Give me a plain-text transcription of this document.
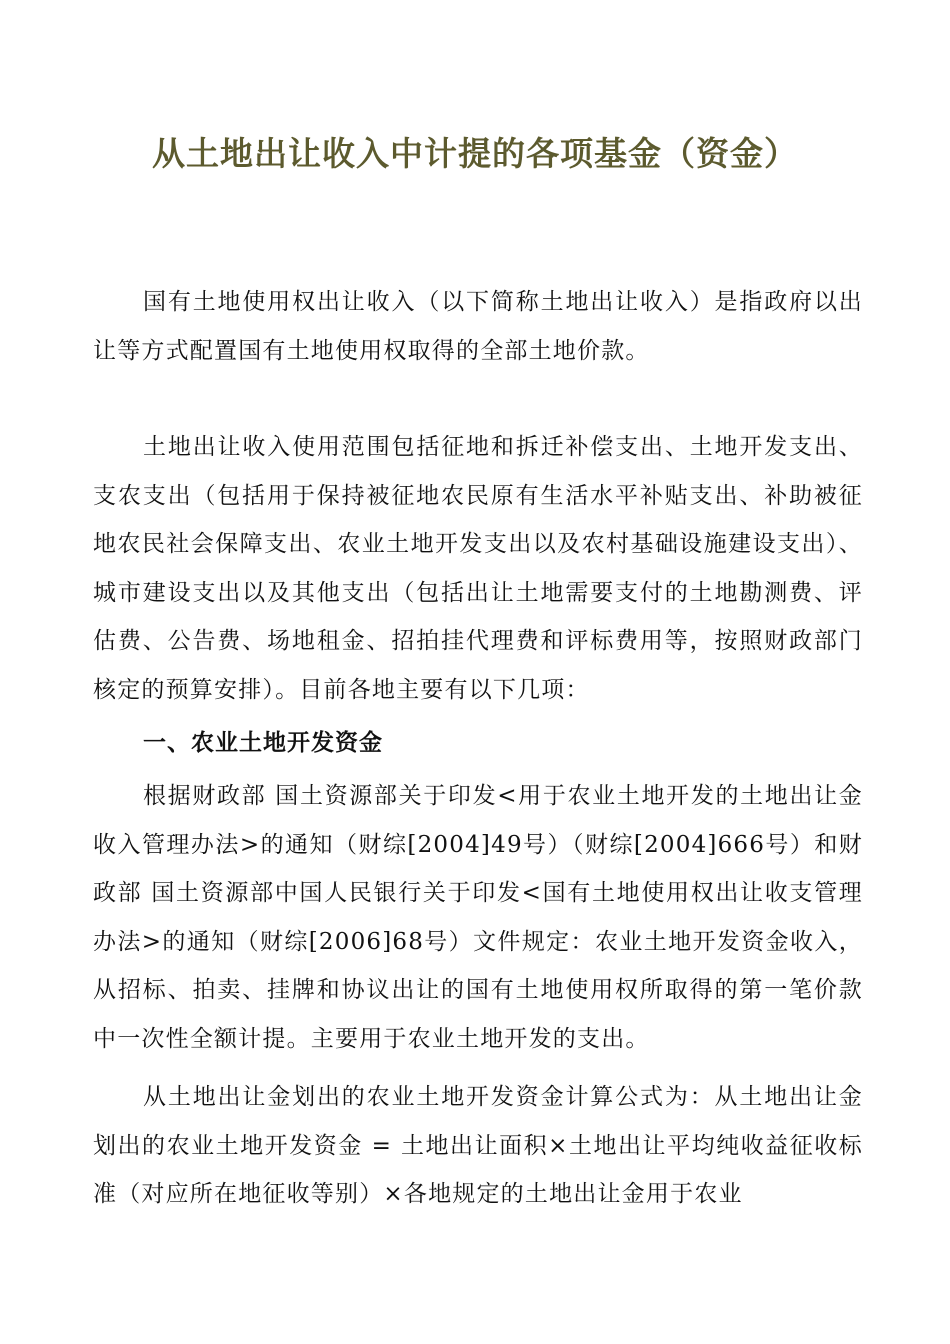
从土地出让收入中计提的各项基金（资金）

国有土地使用权出让收入（以下简称土地出让收入）是指政府以出让等方式配置国有土地使用权取得的全部土地价款。

土地出让收入使用范围包括征地和拆迁补偿支出、土地开发支出、支农支出（包括用于保持被征地农民原有生活水平补贴支出、补助被征地农民社会保障支出、农业土地开发支出以及农村基础设施建设支出）、城市建设支出以及其他支出（包括出让土地需要支付的土地勘测费、评估费、公告费、场地租金、招拍挂代理费和评标费用等，按照财政部门核定的预算安排）。目前各地主要有以下几项：

一、农业土地开发资金

根据财政部 国土资源部关于印发<用于农业土地开发的土地出让金收入管理办法>的通知（财综[2004]49号）（财综[2004]666号）和财政部 国土资源部中国人民银行关于印发<国有土地使用权出让收支管理办法>的通知（财综[2006]68号）文件规定：农业土地开发资金收入，从招标、拍卖、挂牌和协议出让的国有土地使用权所取得的第一笔价款中一次性全额计提。主要用于农业土地开发的支出。

从土地出让金划出的农业土地开发资金计算公式为：从土地出让金划出的农业土地开发资金 = 土地出让面积×土地出让平均纯收益征收标准（对应所在地征收等别）×各地规定的土地出让金用于农业
